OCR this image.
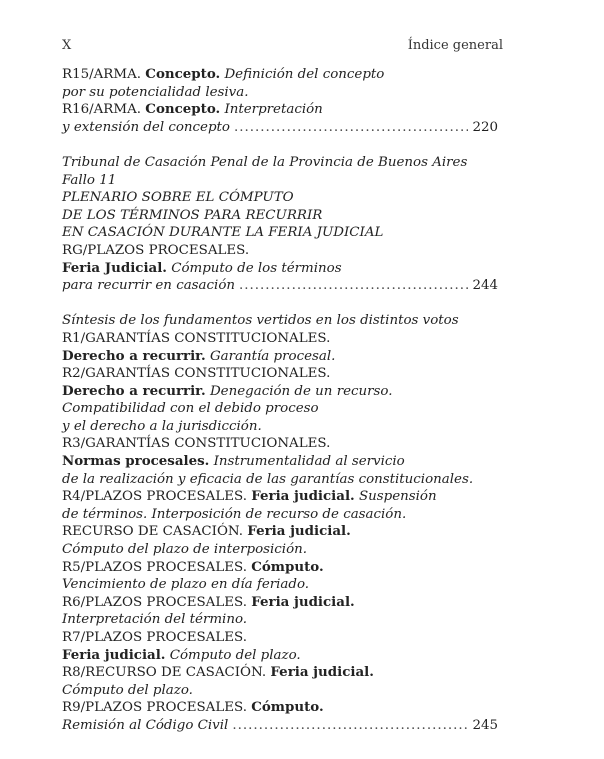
X	Índice general
R15/ARMA. Concepto. Definición del concepto
por su potencialidad lesiva.
R16/ARMA. Concepto. Interpretación
y extensión del concepto .....	220
Tribunal de Casación Penal de la Provincia de Buenos Aires
Fallo 11
PLENARIO SOBRE EL CÓMPUTO
DE LOS TÉRMINOS PARA RECURRIR
EN CASACIÓN DURANTE LA FERIA JUDICIAL
RG/PLAZOS PROCESALES.
Feria Judicial. Cómputo de los términos
para recurrir en casación .....	244
Síntesis de los fundamentos vertidos en los distintos votos
R1/GARANTÍAS CONSTITUCIONALES.
Derecho a recurrir. Garantía procesal.
R2/GARANTÍAS CONSTITUCIONALES.
Derecho a recurrir. Denegación de un recurso.
Compatibilidad con el debido proceso
y el derecho a la jurisdicción.
R3/GARANTÍAS CONSTITUCIONALES.
Normas procesales. Instrumentalidad al servicio
de la realización y eficacia de las garantías constitucionales.
R4/PLAZOS PROCESALES. Feria judicial. Suspensión
de términos. Interposición de recurso de casación.
RECURSO DE CASACIÓN. Feria judicial.
Cómputo del plazo de interposición.
R5/PLAZOS PROCESALES. Cómputo.
Vencimiento de plazo en día feriado.
R6/PLAZOS PROCESALES. Feria judicial.
Interpretación del término.
R7/PLAZOS PROCESALES.
Feria judicial. Cómputo del plazo.
R8/RECURSO DE CASACIÓN. Feria judicial.
Cómputo del plazo.
R9/PLAZOS PROCESALES. Cómputo.
Remisión al Código Civil .....	245
